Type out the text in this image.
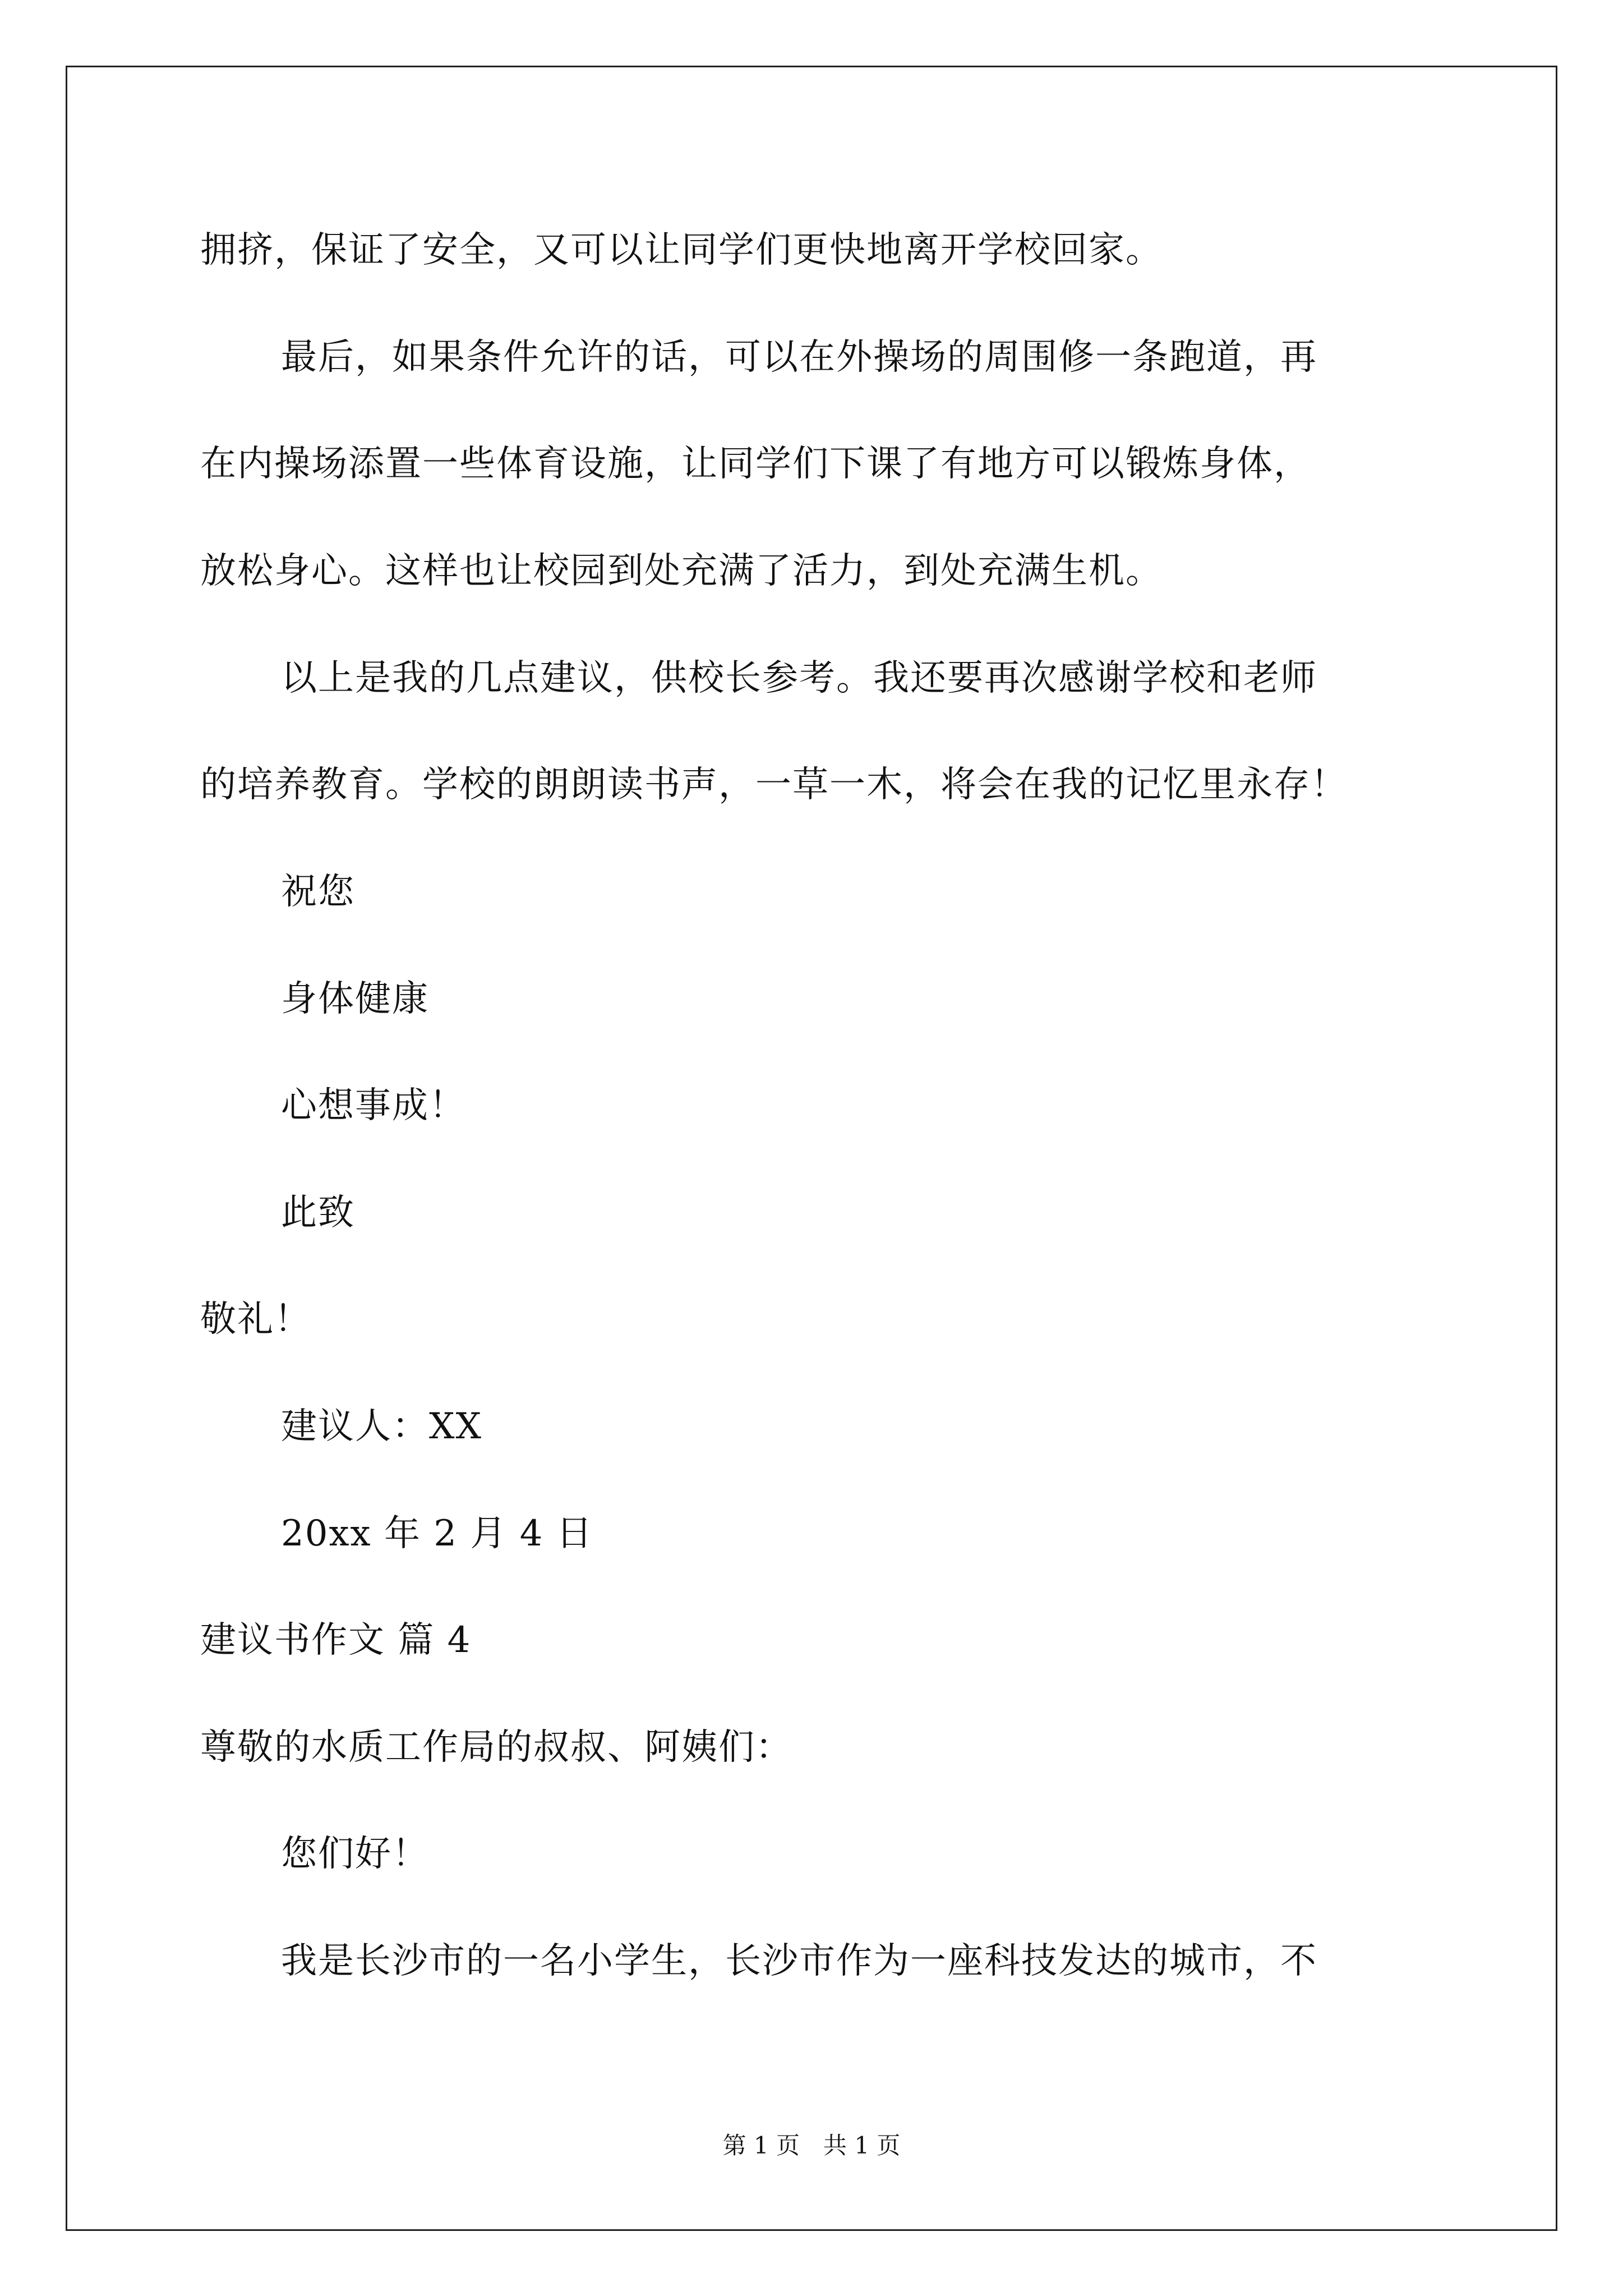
拥挤，保证了安全，又可以让同学们更快地离开学校回家。
最后，如果条件允许的话，可以在外操场的周围修一条跑道，再
在内操场添置一些体育设施，让同学们下课了有地方可以锻炼身体，
放松身心。这样也让校园到处充满了活力，到处充满生机。
以上是我的几点建议，供校长参考。我还要再次感谢学校和老师
的培养教育。学校的朗朗读书声，一草一木，将会在我的记忆里永存！
祝您
身体健康
心想事成！
此致
敬礼！
建议人：XX
20xx 年 2 月 4 日
建议书作文 篇 4
尊敬的水质工作局的叔叔、阿姨们：
您们好！
我是长沙市的一名小学生，长沙市作为一座科技发达的城市，不
第 1 页　共 1 页
